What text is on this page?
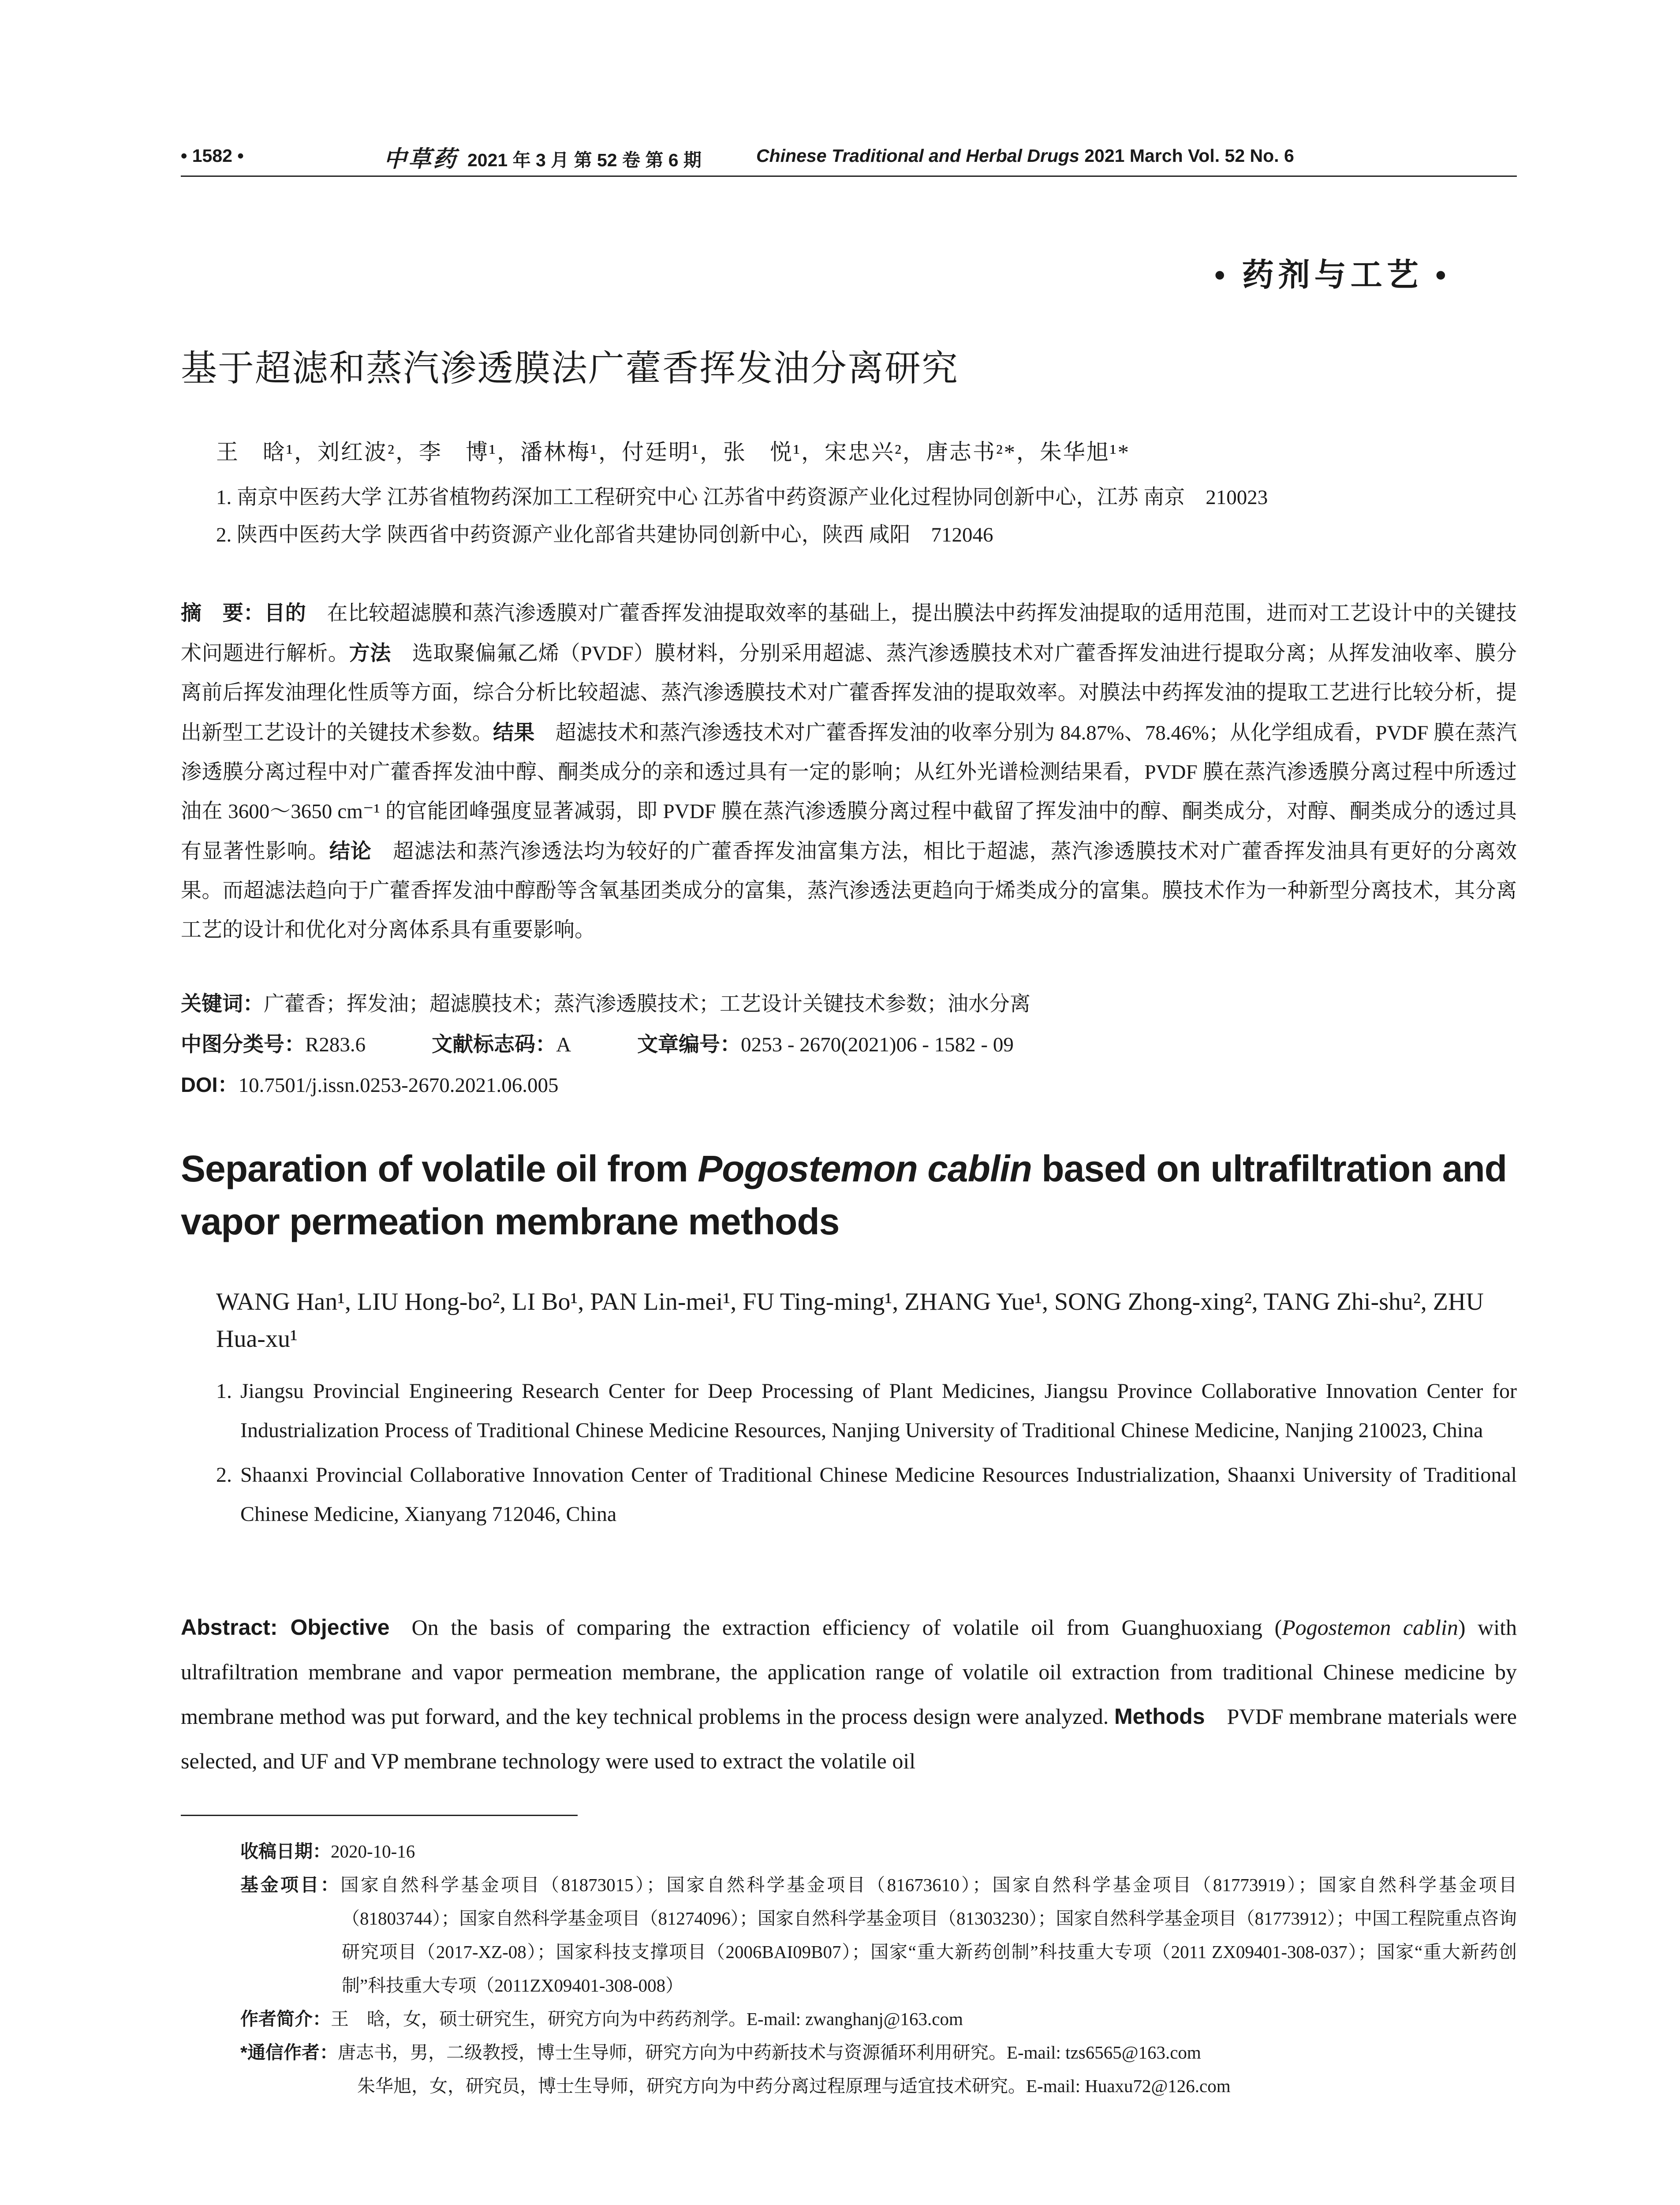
• 1582 •	中草药 2021 年 3 月 第 52 卷 第 6 期	Chinese Traditional and Herbal Drugs 2021 March Vol. 52 No. 6
• 药剂与工艺 •
基于超滤和蒸汽渗透膜法广藿香挥发油分离研究
王　晗¹，刘红波²，李　博¹，潘林梅¹，付廷明¹，张　悦¹，宋忠兴²，唐志书²*，朱华旭¹*
1. 南京中医药大学 江苏省植物药深加工工程研究中心 江苏省中药资源产业化过程协同创新中心，江苏 南京　210023
2. 陕西中医药大学 陕西省中药资源产业化部省共建协同创新中心，陕西 咸阳　712046
摘　要：目的  在比较超滤膜和蒸汽渗透膜对广藿香挥发油提取效率的基础上，提出膜法中药挥发油提取的适用范围，进而对工艺设计中的关键技术问题进行解析。方法  选取聚偏氟乙烯（PVDF）膜材料，分别采用超滤、蒸汽渗透膜技术对广藿香挥发油进行提取分离；从挥发油收率、膜分离前后挥发油理化性质等方面，综合分析比较超滤、蒸汽渗透膜技术对广藿香挥发油的提取效率。对膜法中药挥发油的提取工艺进行比较分析，提出新型工艺设计的关键技术参数。结果  超滤技术和蒸汽渗透技术对广藿香挥发油的收率分别为 84.87%、78.46%；从化学组成看，PVDF 膜在蒸汽渗透膜分离过程中对广藿香挥发油中醇、酮类成分的亲和透过具有一定的影响；从红外光谱检测结果看，PVDF 膜在蒸汽渗透膜分离过程中所透过油在 3600～3650 cm⁻¹ 的官能团峰强度显著减弱，即 PVDF 膜在蒸汽渗透膜分离过程中截留了挥发油中的醇、酮类成分，对醇、酮类成分的透过具有显著性影响。结论  超滤法和蒸汽渗透法均为较好的广藿香挥发油富集方法，相比于超滤，蒸汽渗透膜技术对广藿香挥发油具有更好的分离效果。而超滤法趋向于广藿香挥发油中醇酚等含氧基团类成分的富集，蒸汽渗透法更趋向于烯类成分的富集。膜技术作为一种新型分离技术，其分离工艺的设计和优化对分离体系具有重要影响。
关键词：广藿香；挥发油；超滤膜技术；蒸汽渗透膜技术；工艺设计关键技术参数；油水分离
中图分类号：R283.6	文献标志码：A	文章编号：0253 - 2670(2021)06 - 1582 - 09
DOI：10.7501/j.issn.0253-2670.2021.06.005
Separation of volatile oil from Pogostemon cablin based on ultrafiltration and vapor permeation membrane methods
WANG Han¹, LIU Hong-bo², LI Bo¹, PAN Lin-mei¹, FU Ting-ming¹, ZHANG Yue¹, SONG Zhong-xing², TANG Zhi-shu², ZHU Hua-xu¹
1. Jiangsu Provincial Engineering Research Center for Deep Processing of Plant Medicines, Jiangsu Province Collaborative Innovation Center for Industrialization Process of Traditional Chinese Medicine Resources, Nanjing University of Traditional Chinese Medicine, Nanjing 210023, China
2. Shaanxi Provincial Collaborative Innovation Center of Traditional Chinese Medicine Resources Industrialization, Shaanxi University of Traditional Chinese Medicine, Xianyang 712046, China
Abstract: Objective   On the basis of comparing the extraction efficiency of volatile oil from Guanghuoxiang (Pogostemon cablin) with ultrafiltration membrane and vapor permeation membrane, the application range of volatile oil extraction from traditional Chinese medicine by membrane method was put forward, and the key technical problems in the process design were analyzed. Methods   PVDF membrane materials were selected, and UF and VP membrane technology were used to extract the volatile oil
收稿日期：2020-10-16
基金项目：国家自然科学基金项目（81873015）；国家自然科学基金项目（81673610）；国家自然科学基金项目（81773919）；国家自然科学基金项目（81803744）；国家自然科学基金项目（81274096）；国家自然科学基金项目（81303230）；国家自然科学基金项目（81773912）；中国工程院重点咨询研究项目（2017-XZ-08）；国家科技支撑项目（2006BAI09B07）；国家“重大新药创制”科技重大专项（2011 ZX09401-308-037）；国家“重大新药创制”科技重大专项（2011ZX09401-308-008）
作者简介：王　晗，女，硕士研究生，研究方向为中药药剂学。E-mail: zwanghanj@163.com
*通信作者：唐志书，男，二级教授，博士生导师，研究方向为中药新技术与资源循环利用研究。E-mail: tzs6565@163.com
朱华旭，女，研究员，博士生导师，研究方向为中药分离过程原理与适宜技术研究。E-mail: Huaxu72@126.com
